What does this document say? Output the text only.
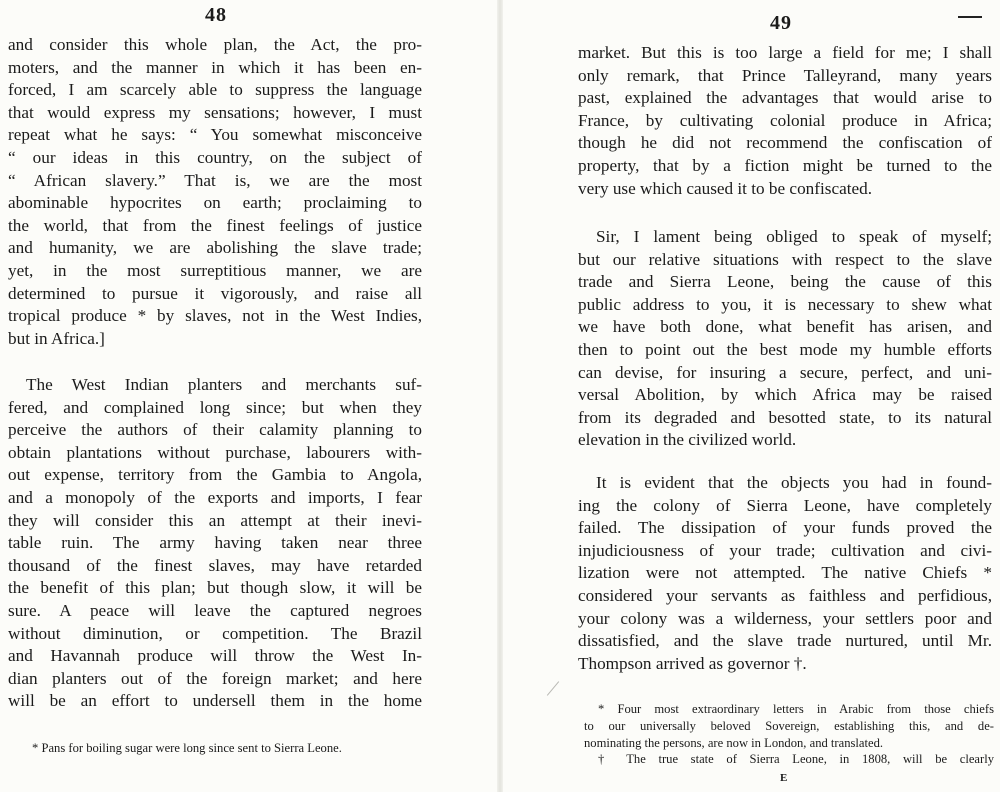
48
and consider this whole plan, the Act, the pro-
moters, and the manner in which it has been en-
forced, I am scarcely able to suppress the language
that would express my sensations; however, I must
repeat what he says: “ You somewhat misconceive
“ our ideas in this country, on the subject of
“ African slavery.” That is, we are the most
abominable hypocrites on earth; proclaiming to
the world, that from the finest feelings of justice
and humanity, we are abolishing the slave trade;
yet, in the most surreptitious manner, we are
determined to pursue it vigorously, and raise all
tropical produce * by slaves, not in the West Indies,
but in Africa.]
The West Indian planters and merchants suf-
fered, and complained long since; but when they
perceive the authors of their calamity planning to
obtain plantations without purchase, labourers with-
out expense, territory from the Gambia to Angola,
and a monopoly of the exports and imports, I fear
they will consider this an attempt at their inevi-
table ruin. The army having taken near three
thousand of the finest slaves, may have retarded
the benefit of this plan; but though slow, it will be
sure. A peace will leave the captured negroes
without diminution, or competition. The Brazil
and Havannah produce will throw the West In-
dian planters out of the foreign market; and here
will be an effort to undersell them in the home
* Pans for boiling sugar were long since sent to Sierra Leone.
49
market. But this is too large a field for me; I shall
only remark, that Prince Talleyrand, many years
past, explained the advantages that would arise to
France, by cultivating colonial produce in Africa;
though he did not recommend the confiscation of
property, that by a fiction might be turned to the
very use which caused it to be confiscated.
Sir, I lament being obliged to speak of myself;
but our relative situations with respect to the slave
trade and Sierra Leone, being the cause of this
public address to you, it is necessary to shew what
we have both done, what benefit has arisen, and
then to point out the best mode my humble efforts
can devise, for insuring a secure, perfect, and uni-
versal Abolition, by which Africa may be raised
from its degraded and besotted state, to its natural
elevation in the civilized world.
It is evident that the objects you had in found-
ing the colony of Sierra Leone, have completely
failed. The dissipation of your funds proved the
injudiciousness of your trade; cultivation and civi-
lization were not attempted. The native Chiefs *
considered your servants as faithless and perfidious,
your colony was a wilderness, your settlers poor and
dissatisfied, and the slave trade nurtured, until Mr.
Thompson arrived as governor †.
* Four most extraordinary letters in Arabic from those chiefs
to our universally beloved Sovereign, establishing this, and de-
nominating the persons, are now in London, and translated.
† The true state of Sierra Leone, in 1808, will be clearly
E
